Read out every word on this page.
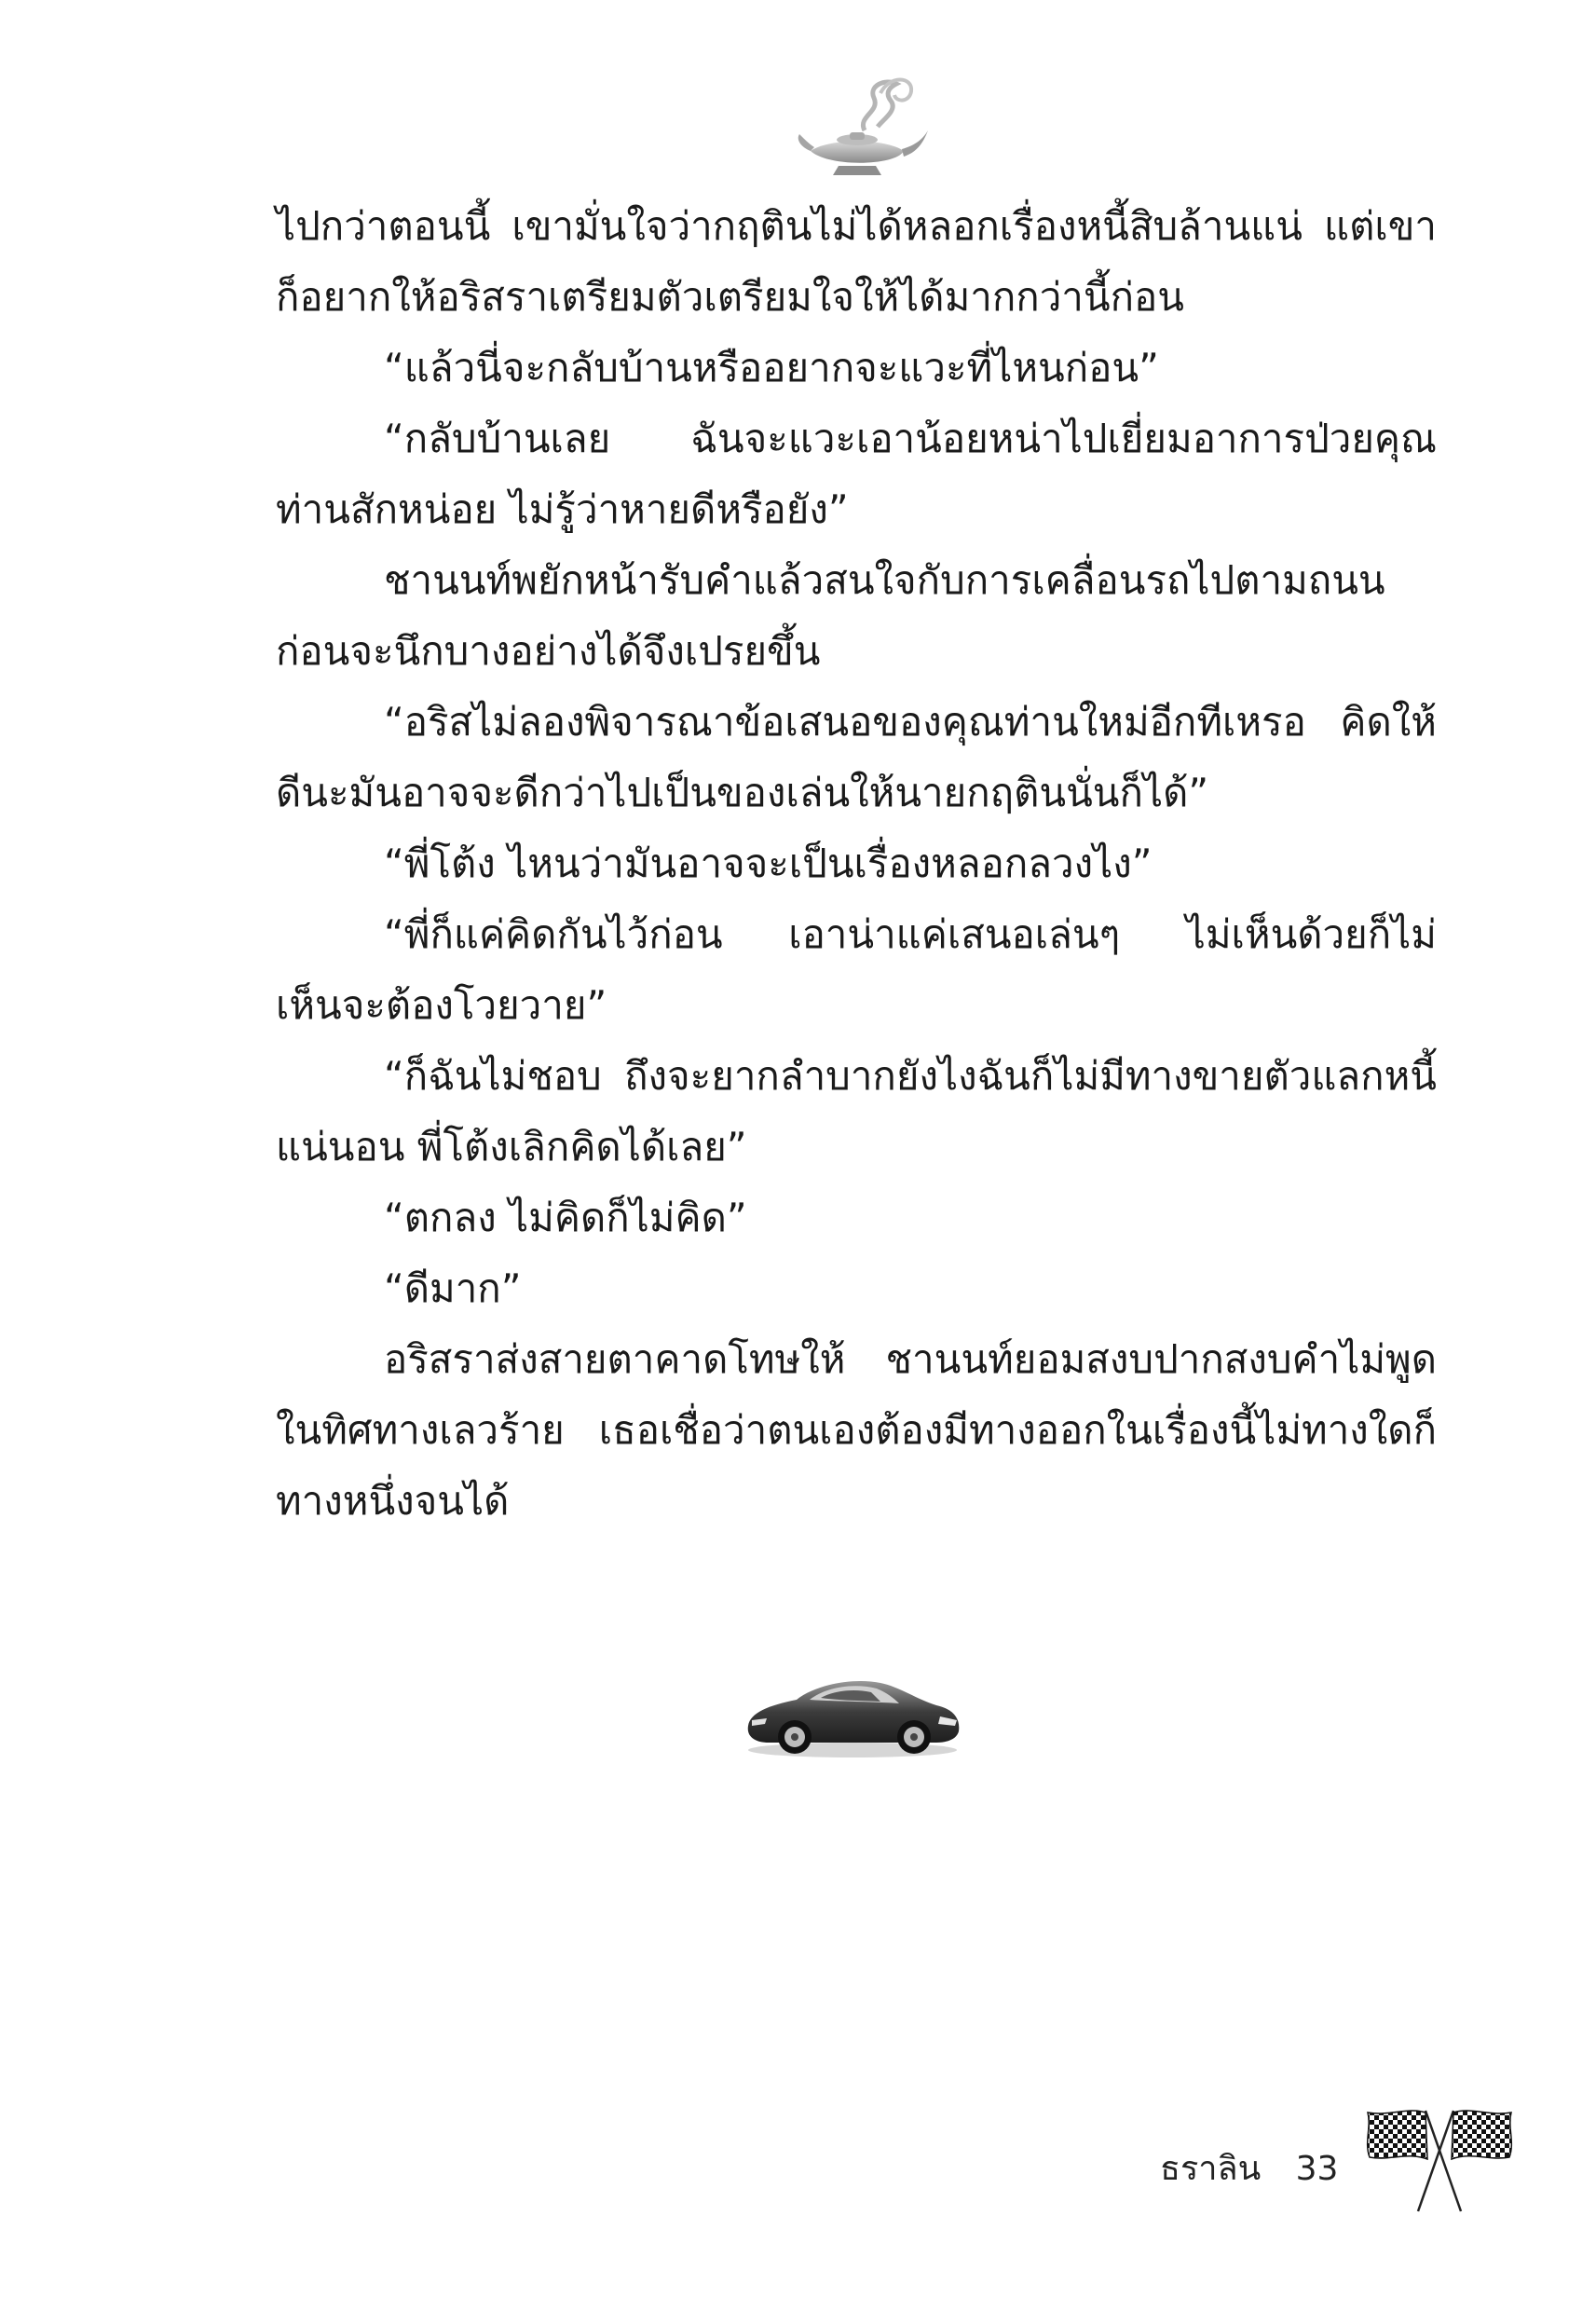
ไปกว่าตอนนี้ เขามั่นใจว่ากฤตินไม่ได้หลอกเรื่องหนี้สิบล้านแน่ แต่เขาก็อยากให้อริสราเตรียมตัวเตรียมใจให้ได้มากกว่านี้ก่อน

“แล้วนี่จะกลับบ้านหรืออยากจะแวะที่ไหนก่อน”

“กลับบ้านเลย ฉันจะแวะเอาน้อยหน่าไปเยี่ยมอาการป่วยคุณท่านสักหน่อย ไม่รู้ว่าหายดีหรือยัง”

ชานนท์พยักหน้ารับคำแล้วสนใจกับการเคลื่อนรถไปตามถนนก่อนจะนึกบางอย่างได้จึงเปรยขึ้น

“อริสไม่ลองพิจารณาข้อเสนอของคุณท่านใหม่อีกทีเหรอ คิดให้ดีนะมันอาจจะดีกว่าไปเป็นของเล่นให้นายกฤตินนั่นก็ได้”

“พี่โต้ง ไหนว่ามันอาจจะเป็นเรื่องหลอกลวงไง”

“พี่ก็แค่คิดกันไว้ก่อน เอาน่าแค่เสนอเล่นๆ ไม่เห็นด้วยก็ไม่เห็นจะต้องโวยวาย”

“ก็ฉันไม่ชอบ ถึงจะยากลำบากยังไงฉันก็ไม่มีทางขายตัวแลกหนี้แน่นอน พี่โต้งเลิกคิดได้เลย”

“ตกลง ไม่คิดก็ไม่คิด”

“ดีมาก”

อริสราส่งสายตาคาดโทษให้ ชานนท์ยอมสงบปากสงบคำไม่พูดในทิศทางเลวร้าย เธอเชื่อว่าตนเองต้องมีทางออกในเรื่องนี้ไม่ทางใดก็ทางหนึ่งจนได้

ธราลิน 33
